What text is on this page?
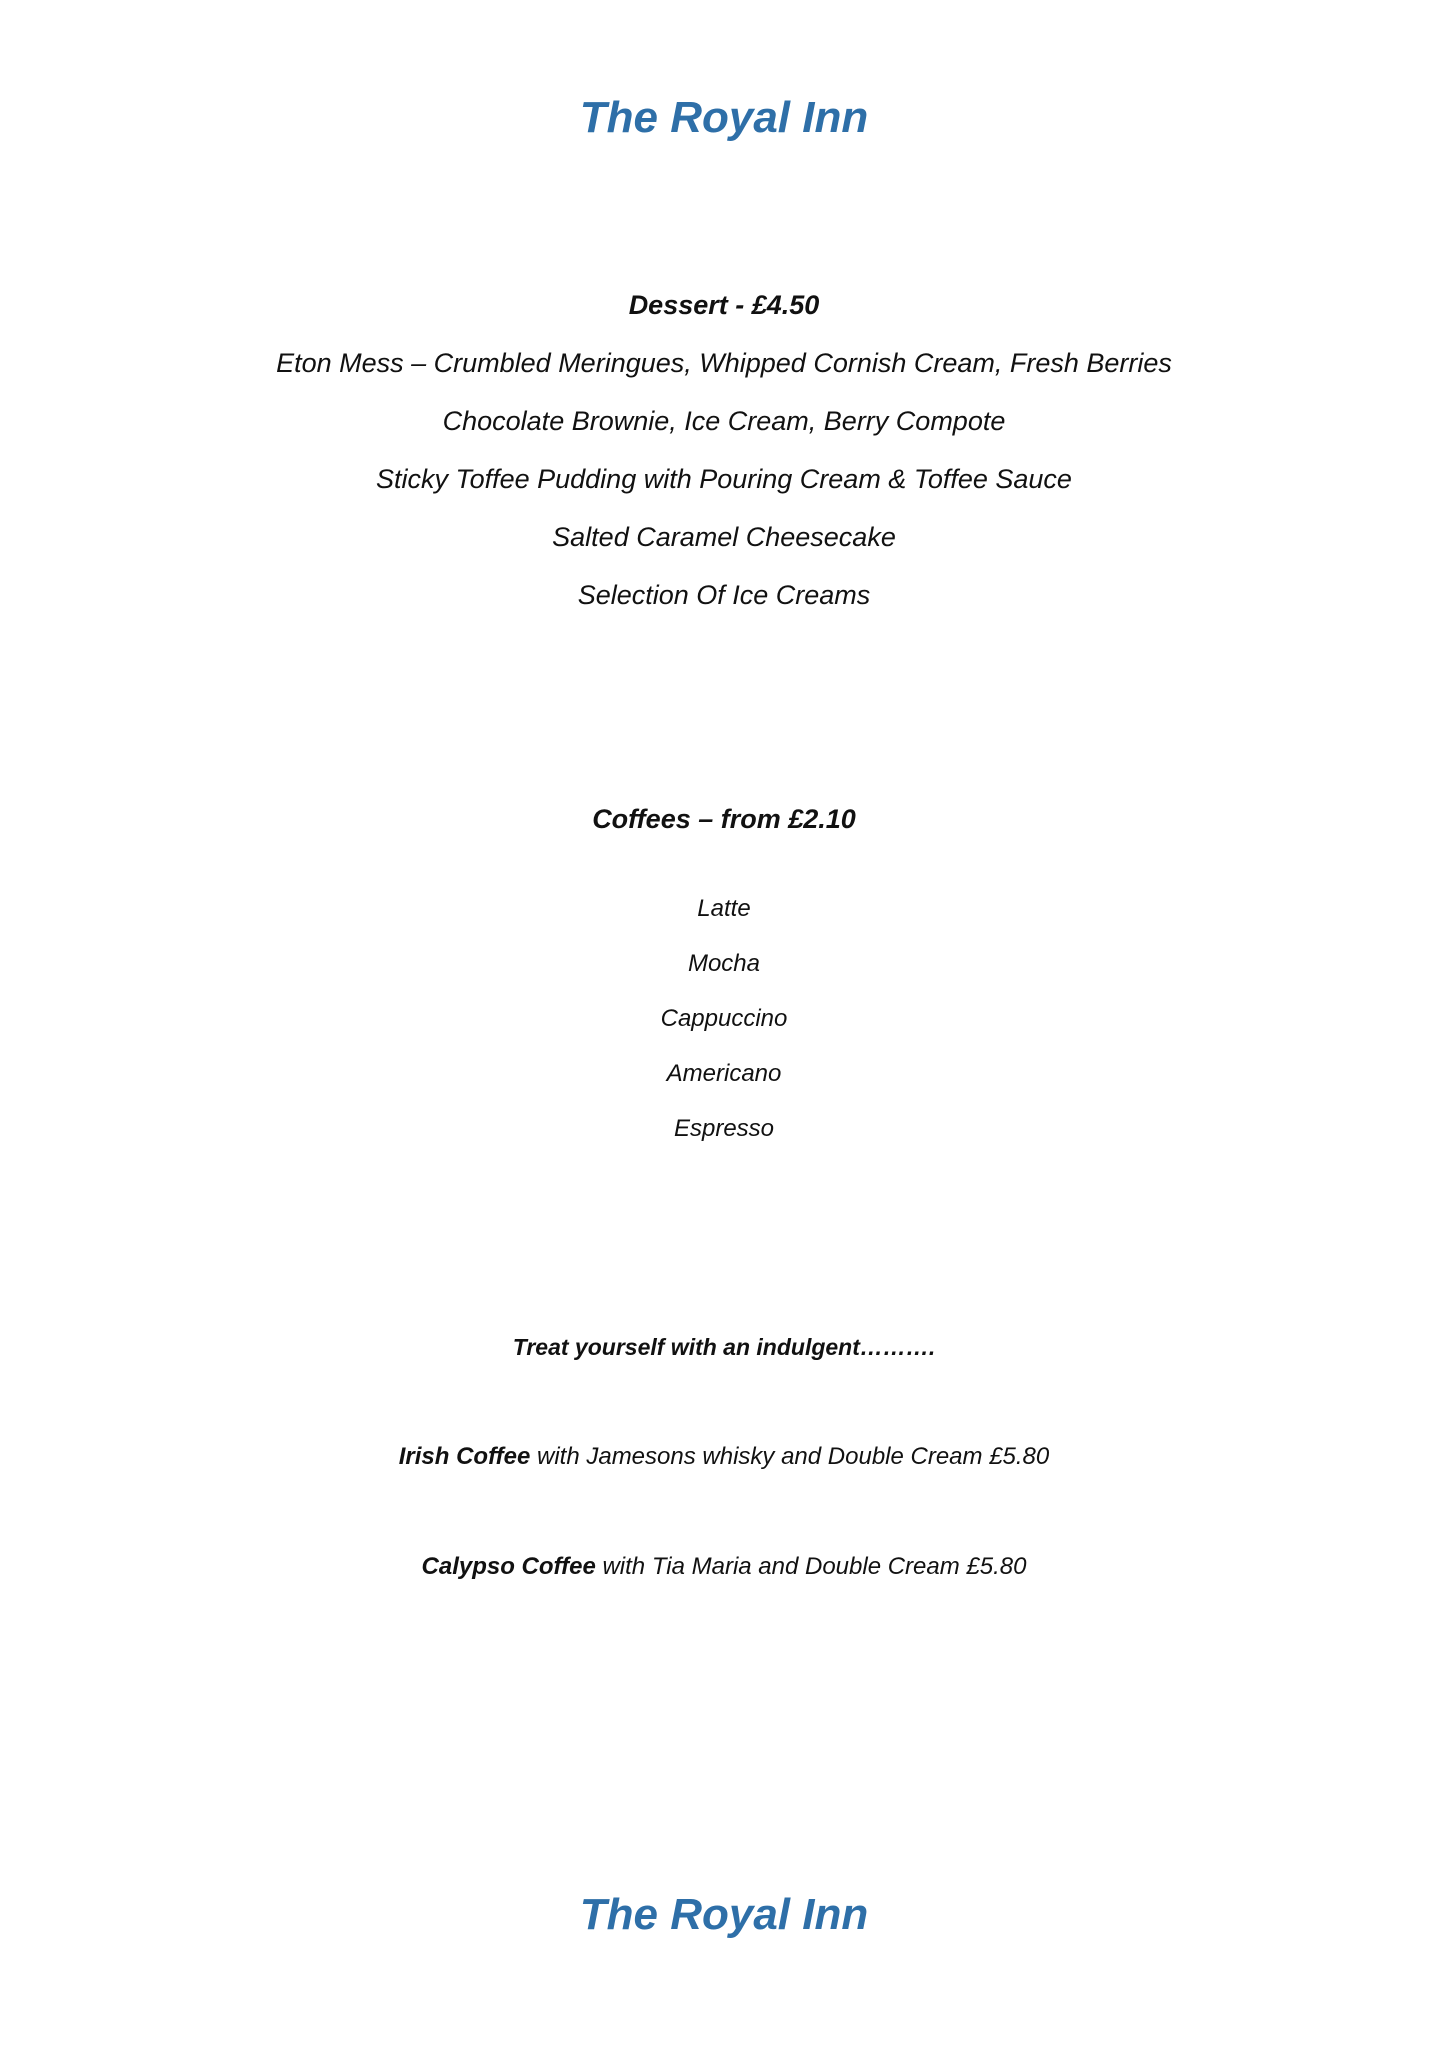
The Royal Inn
Dessert - £4.50
Eton Mess – Crumbled Meringues, Whipped Cornish Cream, Fresh Berries
Chocolate Brownie, Ice Cream, Berry Compote
Sticky Toffee Pudding with Pouring Cream & Toffee Sauce
Salted Caramel Cheesecake
Selection Of Ice Creams
Coffees – from £2.10
Latte
Mocha
Cappuccino
Americano
Espresso
Treat yourself with an indulgent……….
Irish Coffee with Jamesons whisky and Double Cream £5.80
Calypso Coffee with Tia Maria and Double Cream £5.80
The Royal Inn
